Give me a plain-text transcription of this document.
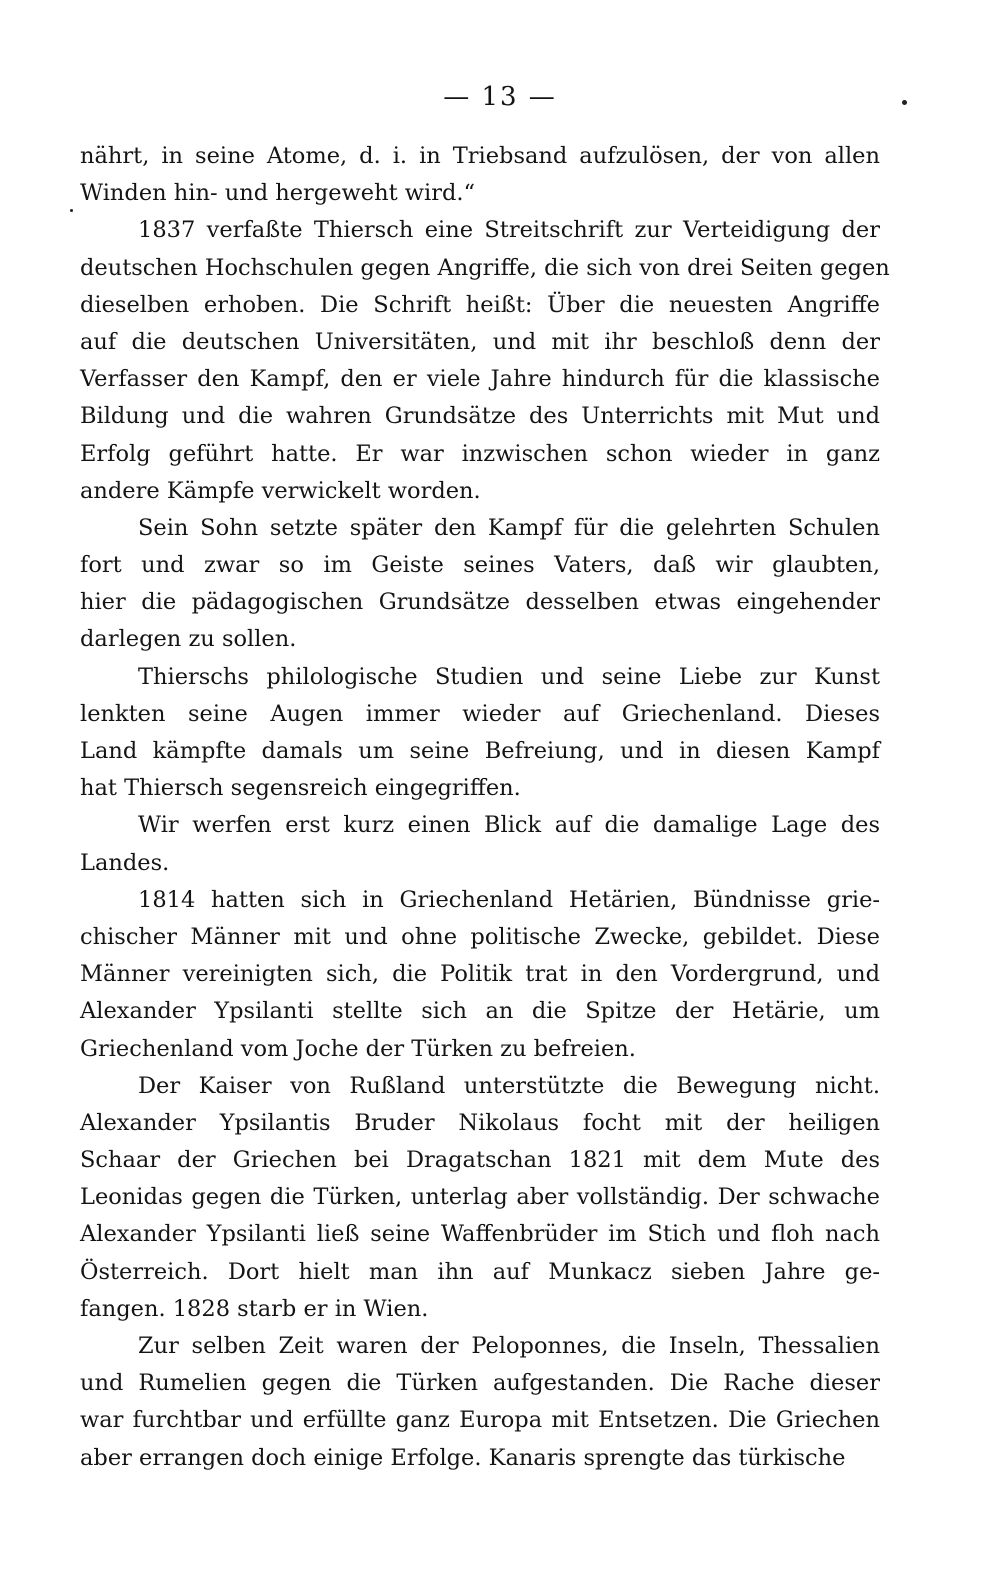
— 13 —
nährt, in seine Atome, d. i. in Triebsand aufzulösen, der von allen
Winden hin- und hergeweht wird.“
1837 verfaßte Thiersch eine Streitschrift zur Verteidigung der
deutschen Hochschulen gegen Angriffe, die sich von drei Seiten gegen
dieselben erhoben. Die Schrift heißt: Über die neuesten Angriffe
auf die deutschen Universitäten, und mit ihr beschloß denn der
Verfasser den Kampf, den er viele Jahre hindurch für die klassische
Bildung und die wahren Grundsätze des Unterrichts mit Mut und
Erfolg geführt hatte. Er war inzwischen schon wieder in ganz
andere Kämpfe verwickelt worden.
Sein Sohn setzte später den Kampf für die gelehrten Schulen
fort und zwar so im Geiste seines Vaters, daß wir glaubten,
hier die pädagogischen Grundsätze desselben etwas eingehender
darlegen zu sollen.
Thierschs philologische Studien und seine Liebe zur Kunst
lenkten seine Augen immer wieder auf Griechenland. Dieses
Land kämpfte damals um seine Befreiung, und in diesen Kampf
hat Thiersch segensreich eingegriffen.
Wir werfen erst kurz einen Blick auf die damalige Lage des
Landes.
1814 hatten sich in Griechenland Hetärien, Bündnisse grie-
chischer Männer mit und ohne politische Zwecke, gebildet. Diese
Männer vereinigten sich, die Politik trat in den Vordergrund, und
Alexander Ypsilanti stellte sich an die Spitze der Hetärie, um
Griechenland vom Joche der Türken zu befreien.
Der Kaiser von Rußland unterstützte die Bewegung nicht.
Alexander Ypsilantis Bruder Nikolaus focht mit der heiligen
Schaar der Griechen bei Dragatschan 1821 mit dem Mute des
Leonidas gegen die Türken, unterlag aber vollständig. Der schwache
Alexander Ypsilanti ließ seine Waffenbrüder im Stich und floh nach
Österreich. Dort hielt man ihn auf Munkacz sieben Jahre ge-
fangen. 1828 starb er in Wien.
Zur selben Zeit waren der Peloponnes, die Inseln, Thessalien
und Rumelien gegen die Türken aufgestanden. Die Rache dieser
war furchtbar und erfüllte ganz Europa mit Entsetzen. Die Griechen
aber errangen doch einige Erfolge. Kanaris sprengte das türkische
